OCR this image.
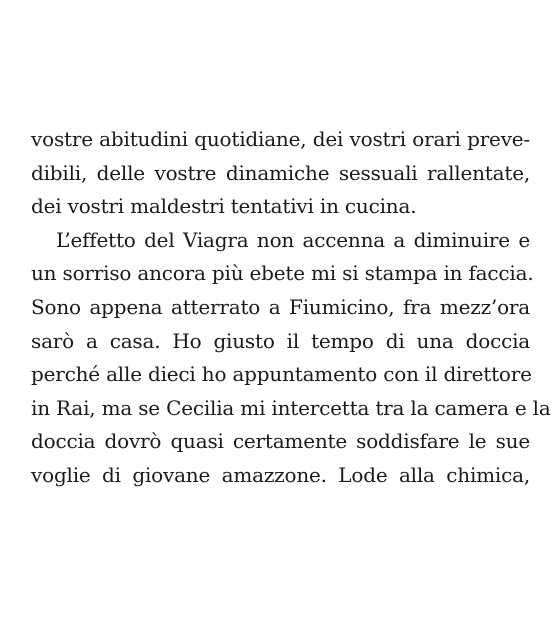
vostre abitudini quotidiane, dei vostri orari preve-
dibili, delle vostre dinamiche sessuali rallentate,
dei vostri maldestri tentativi in cucina.
L’effetto del Viagra non accenna a diminuire e
un sorriso ancora più ebete mi si stampa in faccia.
Sono appena atterrato a Fiumicino, fra mezz’ora
sarò a casa. Ho giusto il tempo di una doccia
perché alle dieci ho appuntamento con il direttore
in Rai, ma se Cecilia mi intercetta tra la camera e la
doccia dovrò quasi certamente soddisfare le sue
voglie di giovane amazzone. Lode alla chimica,
